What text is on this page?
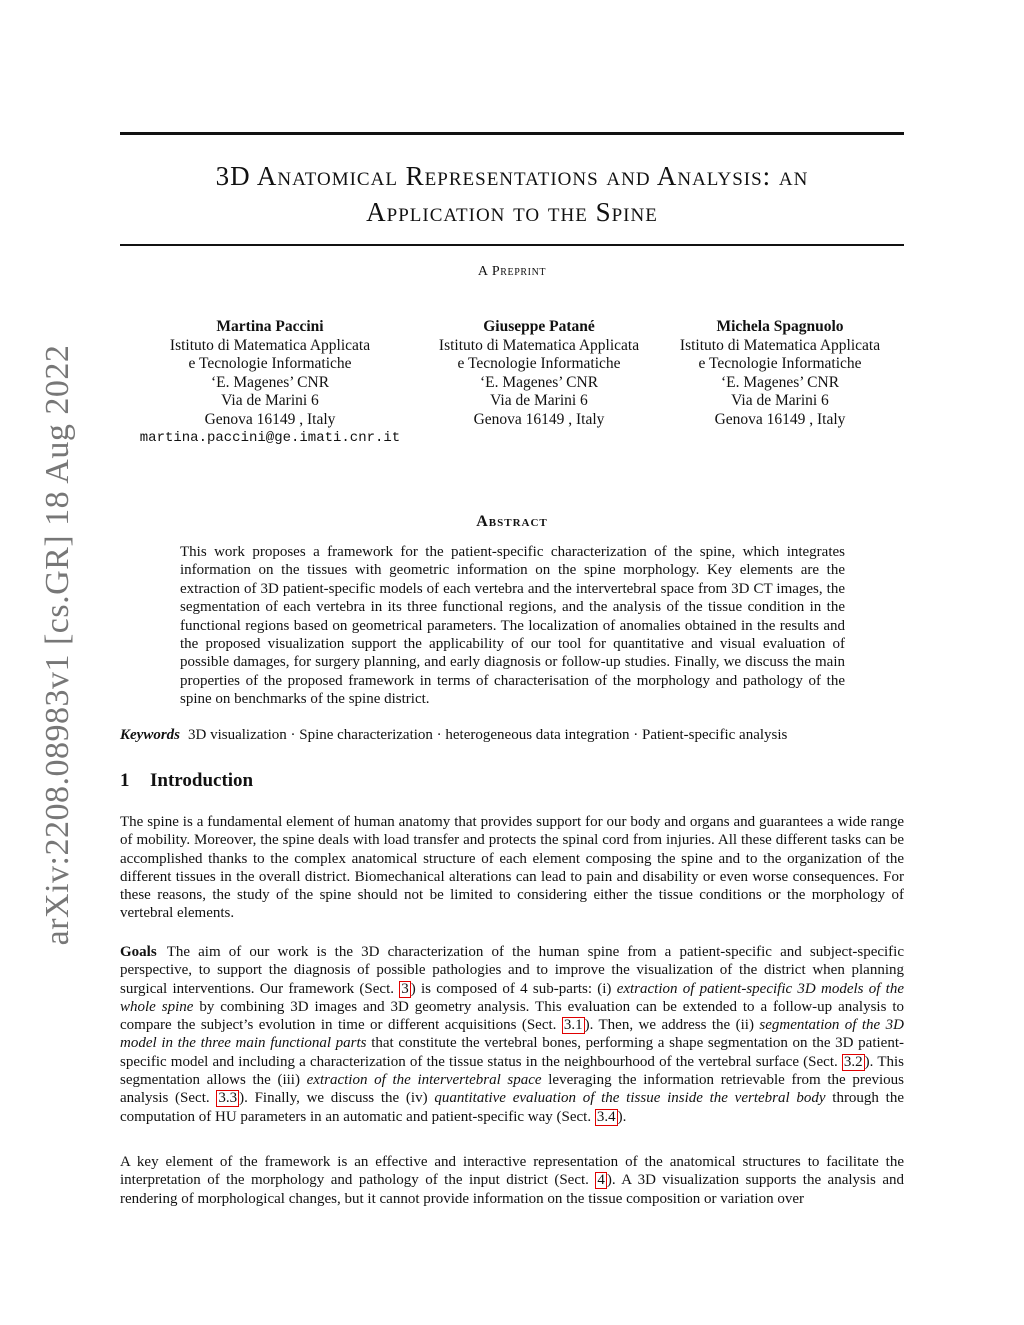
arXiv:2208.08983v1 [cs.GR] 18 Aug 2022
3D Anatomical Representations and Analysis: an
Application to the Spine
A Preprint
Martina Paccini
Istituto di Matematica Applicata
e Tecnologie Informatiche
‘E. Magenes’ CNR
Via de Marini 6
Genova 16149 , Italy
martina.paccini@ge.imati.cnr.it
Giuseppe Patané
Istituto di Matematica Applicata
e Tecnologie Informatiche
‘E. Magenes’ CNR
Via de Marini 6
Genova 16149 , Italy
Michela Spagnuolo
Istituto di Matematica Applicata
e Tecnologie Informatiche
‘E. Magenes’ CNR
Via de Marini 6
Genova 16149 , Italy
Abstract
This work proposes a framework for the patient-specific characterization of the spine, which integrates information on the tissues with geometric information on the spine morphology. Key elements are the extraction of 3D patient-specific models of each vertebra and the intervertebral space from 3D CT images, the segmentation of each vertebra in its three functional regions, and the analysis of the tissue condition in the functional regions based on geometrical parameters. The localization of anomalies obtained in the results and the proposed visualization support the applicability of our tool for quantitative and visual evaluation of possible damages, for surgery planning, and early diagnosis or follow-up studies. Finally, we discuss the main properties of the proposed framework in terms of characterisation of the morphology and pathology of the spine on benchmarks of the spine district.
Keywords 3D visualization · Spine characterization · heterogeneous data integration · Patient-specific analysis
1 Introduction
The spine is a fundamental element of human anatomy that provides support for our body and organs and guarantees a wide range of mobility. Moreover, the spine deals with load transfer and protects the spinal cord from injuries. All these different tasks can be accomplished thanks to the complex anatomical structure of each element composing the spine and to the organization of the different tissues in the overall district. Biomechanical alterations can lead to pain and disability or even worse consequences. For these reasons, the study of the spine should not be limited to considering either the tissue conditions or the morphology of vertebral elements.
Goals The aim of our work is the 3D characterization of the human spine from a patient-specific and subject-specific perspective, to support the diagnosis of possible pathologies and to improve the visualization of the district when planning surgical interventions. Our framework (Sect. 3 ) is composed of 4 sub-parts: (i) extraction of patient-specific 3D models of the whole spine by combining 3D images and 3D geometry analysis. This evaluation can be extended to a follow-up analysis to compare the subject’s evolution in time or different acquisitions (Sect. 3.1 ). Then, we address the (ii) segmentation of the 3D model in the three main functional parts that constitute the vertebral bones, performing a shape segmentation on the 3D patient-specific model and including a characterization of the tissue status in the neighbourhood of the vertebral surface (Sect. 3.2 ). This segmentation allows the (iii) extraction of the intervertebral space leveraging the information retrievable from the previous analysis (Sect. 3.3 ). Finally, we discuss the (iv) quantitative evaluation of the tissue inside the vertebral body through the computation of HU parameters in an automatic and patient-specific way (Sect. 3.4 ).
A key element of the framework is an effective and interactive representation of the anatomical structures to facilitate the interpretation of the morphology and pathology of the input district (Sect. 4 ). A 3D visualization supports the analysis and rendering of morphological changes, but it cannot provide information on the tissue composition or variation over
